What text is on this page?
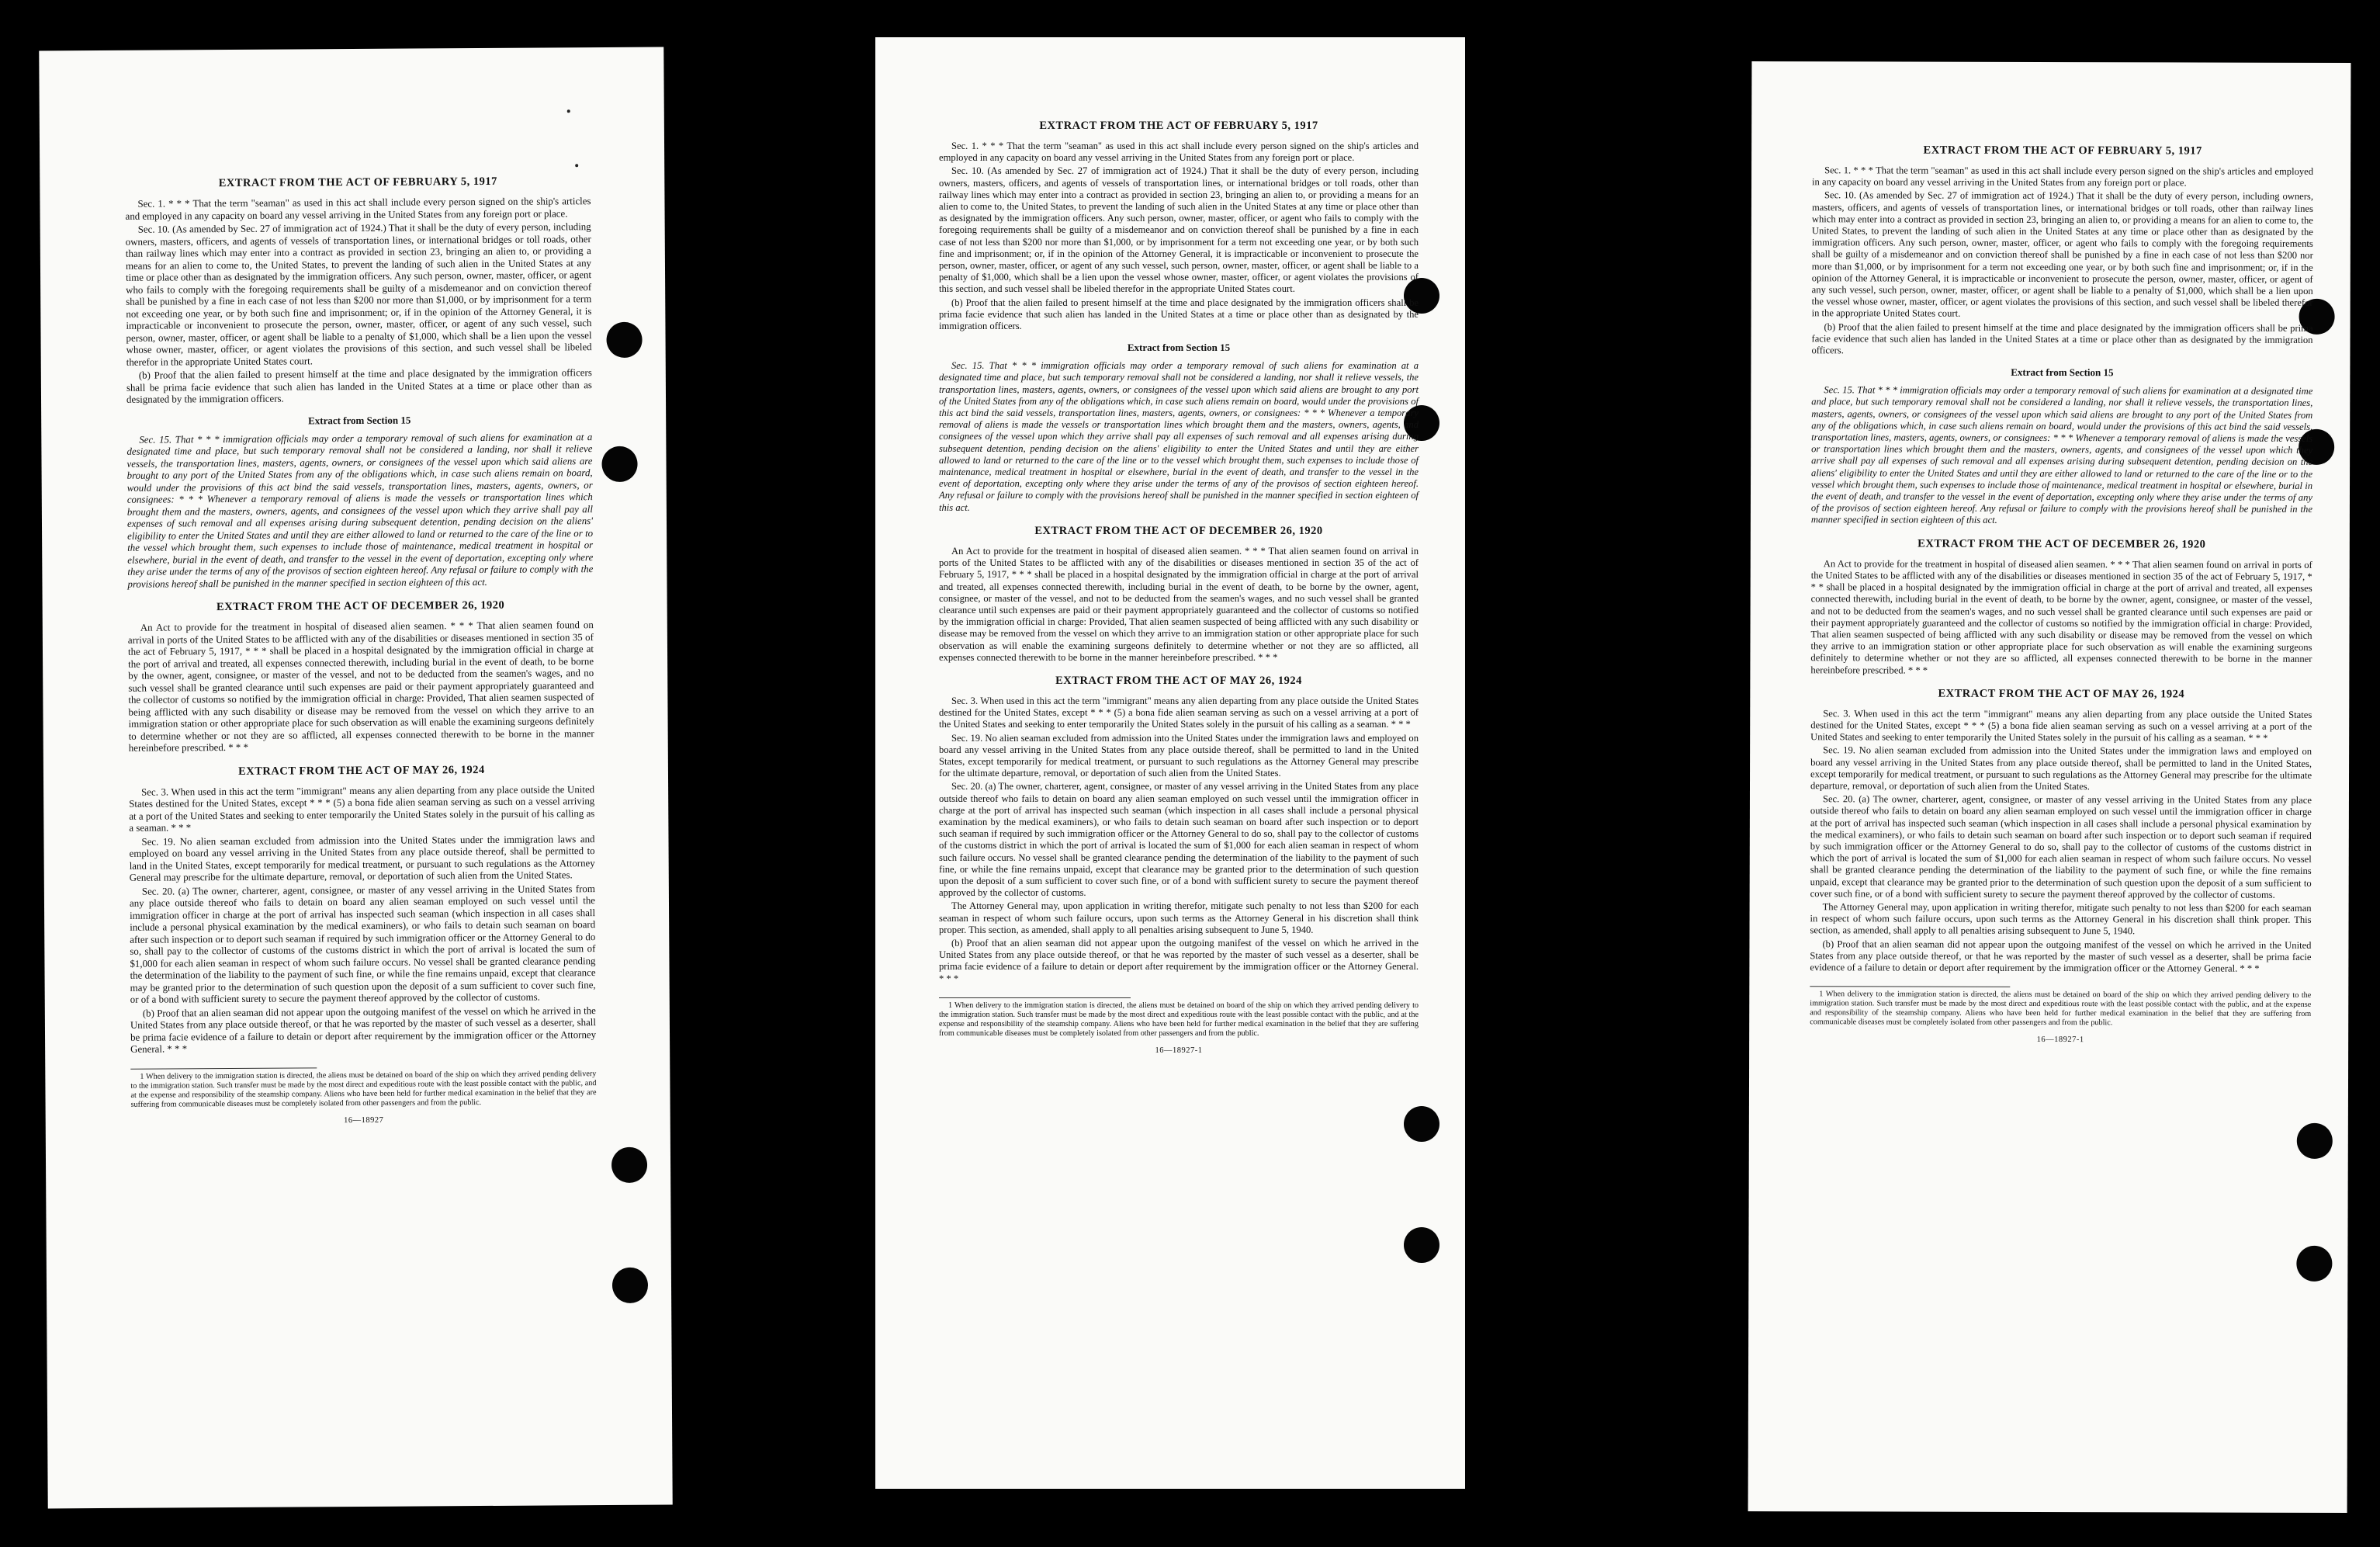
EXTRACT FROM THE ACT OF FEBRUARY 5, 1917

Sec. 1. * * * That the term "seaman" as used in this act shall include every person signed on the ship's articles and employed in any capacity on board any vessel arriving in the United States from any foreign port or place.

Sec. 10. (As amended by Sec. 27 of immigration act of 1924.) That it shall be the duty of every person, including owners, masters, officers, and agents of vessels of transportation lines, or international bridges or toll roads, other than railway lines which may enter into a contract as provided in section 23, bringing an alien to, or providing a means for an alien to come to, the United States, to prevent the landing of such alien in the United States at any time or place other than as designated by the immigration officers. Any such person, owner, master, officer, or agent who fails to comply with the foregoing requirements shall be guilty of a misdemeanor and on conviction thereof shall be punished by a fine in each case of not less than $200 nor more than $1,000, or by imprisonment for a term not exceeding one year, or by both such fine and imprisonment; or, if in the opinion of the Attorney General, it is impracticable or inconvenient to prosecute the person, owner, master, officer, or agent of any such vessel, such person, owner, master, officer, or agent shall be liable to a penalty of $1,000, which shall be a lien upon the vessel whose owner, master, officer, or agent violates the provisions of this section, and such vessel shall be libeled therefor in the appropriate United States court.

(b) Proof that the alien failed to present himself at the time and place designated by the immigration officers shall be prima facie evidence that such alien has landed in the United States at a time or place other than as designated by the immigration officers.

Extract from Section 15

Sec. 15. That * * * immigration officials may order a temporary removal of such aliens for examination at a designated time and place, but such temporary removal shall not be considered a landing, nor shall it relieve vessels, the transportation lines, masters, agents, owners, or consignees of the vessel upon which said aliens are brought to any port of the United States from any of the obligations which, in case such aliens remain on board, would under the provisions of this act bind the said vessels, transportation lines, masters, agents, owners, or consignees: * * * Whenever a temporary removal of aliens is made the vessels or transportation lines which brought them and the masters, owners, agents, and consignees of the vessel upon which they arrive shall pay all expenses of such removal and all expenses arising during subsequent detention, pending decision on the aliens' eligibility to enter the United States and until they are either allowed to land or returned to the care of the line or to the vessel which brought them, such expenses to include those of maintenance, medical treatment in hospital or elsewhere, burial in the event of death, and transfer to the vessel in the event of deportation, excepting only where they arise under the terms of any of the provisos of section eighteen hereof. Any refusal or failure to comply with the provisions hereof shall be punished in the manner specified in section eighteen of this act.

EXTRACT FROM THE ACT OF DECEMBER 26, 1920

An Act to provide for the treatment in hospital of diseased alien seamen. * * * That alien seamen found on arrival in ports of the United States to be afflicted with any of the disabilities or diseases mentioned in section 35 of the act of February 5, 1917, * * * shall be placed in a hospital designated by the immigration official in charge at the port of arrival and treated, all expenses connected therewith, including burial in the event of death, to be borne by the owner, agent, consignee, or master of the vessel, and not to be deducted from the seamen's wages, and no such vessel shall be granted clearance until such expenses are paid or their payment appropriately guaranteed and the collector of customs so notified by the immigration official in charge: Provided, That alien seamen suspected of being afflicted with any such disability or disease may be removed from the vessel on which they arrive to an immigration station or other appropriate place for such observation as will enable the examining surgeons definitely to determine whether or not they are so afflicted, all expenses connected therewith to be borne in the manner hereinbefore prescribed. * * *

EXTRACT FROM THE ACT OF MAY 26, 1924

Sec. 3. When used in this act the term "immigrant" means any alien departing from any place outside the United States destined for the United States, except * * * (5) a bona fide alien seaman serving as such on a vessel arriving at a port of the United States and seeking to enter temporarily the United States solely in the pursuit of his calling as a seaman. * * *

Sec. 19. No alien seaman excluded from admission into the United States under the immigration laws and employed on board any vessel arriving in the United States from any place outside thereof, shall be permitted to land in the United States, except temporarily for medical treatment, or pursuant to such regulations as the Attorney General may prescribe for the ultimate departure, removal, or deportation of such alien from the United States.

Sec. 20. (a) The owner, charterer, agent, consignee, or master of any vessel arriving in the United States from any place outside thereof who fails to detain on board any alien seaman employed on such vessel until the immigration officer in charge at the port of arrival has inspected such seaman (which inspection in all cases shall include a personal physical examination by the medical examiners), or who fails to detain such seaman on board after such inspection or to deport such seaman if required by such immigration officer or the Attorney General to do so, shall pay to the collector of customs of the customs district in which the port of arrival is located the sum of $1,000 for each alien seaman in respect of whom such failure occurs. No vessel shall be granted clearance pending the determination of the liability to the payment of such fine, or while the fine remains unpaid, except that clearance may be granted prior to the determination of such question upon the deposit of a sum sufficient to cover such fine, or of a bond with sufficient surety to secure the payment thereof approved by the collector of customs.

(b) Proof that an alien seaman did not appear upon the outgoing manifest of the vessel on which he arrived in the United States from any place outside thereof, or that he was reported by the master of such vessel as a deserter, shall be prima facie evidence of a failure to detain or deport after requirement by the immigration officer or the Attorney General. * * *

1 When delivery to the immigration station is directed, the aliens must be detained on board of the ship on which they arrived pending delivery to the immigration station. Such transfer must be made by the most direct and expeditious route with the least possible contact with the public, and at the expense and responsibility of the steamship company. Aliens who have been held for further medical examination in the belief that they are suffering from communicable diseases must be completely isolated from other passengers and from the public.

16—18927
EXTRACT FROM THE ACT OF FEBRUARY 5, 1917

Sec. 1. * * * That the term "seaman" as used in this act shall include every person signed on the ship's articles and employed in any capacity on board any vessel arriving in the United States from any foreign port or place.

Sec. 10. (As amended by Sec. 27 of immigration act of 1924.) That it shall be the duty of every person, including owners, masters, officers, and agents of vessels of transportation lines, or international bridges or toll roads, other than railway lines which may enter into a contract as provided in section 23, bringing an alien to, or providing a means for an alien to come to, the United States, to prevent the landing of such alien in the United States at any time or place other than as designated by the immigration officers. Any such person, owner, master, officer, or agent who fails to comply with the foregoing requirements shall be guilty of a misdemeanor and on conviction thereof shall be punished by a fine in each case of not less than $200 nor more than $1,000, or by imprisonment for a term not exceeding one year, or by both such fine and imprisonment; or, if in the opinion of the Attorney General, it is impracticable or inconvenient to prosecute the person, owner, master, officer, or agent of any such vessel, such person, owner, master, officer, or agent shall be liable to a penalty of $1,000, which shall be a lien upon the vessel whose owner, master, officer, or agent violates the provisions of this section, and such vessel shall be libeled therefor in the appropriate United States court.

(b) Proof that the alien failed to present himself at the time and place designated by the immigration officers shall be prima facie evidence that such alien has landed in the United States at a time or place other than as designated by the immigration officers.

Extract from Section 15

Sec. 15. That * * * immigration officials may order a temporary removal of such aliens for examination at a designated time and place, but such temporary removal shall not be considered a landing, nor shall it relieve vessels, the transportation lines, masters, agents, owners, or consignees of the vessel upon which said aliens are brought to any port of the United States from any of the obligations which, in case such aliens remain on board, would under the provisions of this act bind the said vessels, transportation lines, masters, agents, owners, or consignees: * * * Whenever a temporary removal of aliens is made the vessels or transportation lines which brought them and the masters, owners, agents, and consignees of the vessel upon which they arrive shall pay all expenses of such removal and all expenses arising during subsequent detention, pending decision on the aliens' eligibility to enter the United States and until they are either allowed to land or returned to the care of the line or to the vessel which brought them, such expenses to include those of maintenance, medical treatment in hospital or elsewhere, burial in the event of death, and transfer to the vessel in the event of deportation, excepting only where they arise under the terms of any of the provisos of section eighteen hereof. Any refusal or failure to comply with the provisions hereof shall be punished in the manner specified in section eighteen of this act.

EXTRACT FROM THE ACT OF DECEMBER 26, 1920

An Act to provide for the treatment in hospital of diseased alien seamen. * * * That alien seamen found on arrival in ports of the United States to be afflicted with any of the disabilities or diseases mentioned in section 35 of the act of February 5, 1917, * * * shall be placed in a hospital designated by the immigration official in charge at the port of arrival and treated, all expenses connected therewith, including burial in the event of death, to be borne by the owner, agent, consignee, or master of the vessel, and not to be deducted from the seamen's wages, and no such vessel shall be granted clearance until such expenses are paid or their payment appropriately guaranteed and the collector of customs so notified by the immigration official in charge: Provided, That alien seamen suspected of being afflicted with any such disability or disease may be removed from the vessel on which they arrive to an immigration station or other appropriate place for such observation as will enable the examining surgeons definitely to determine whether or not they are so afflicted, all expenses connected therewith to be borne in the manner hereinbefore prescribed. * * *

EXTRACT FROM THE ACT OF MAY 26, 1924

Sec. 3. When used in this act the term "immigrant" means any alien departing from any place outside the United States destined for the United States, except * * * (5) a bona fide alien seaman serving as such on a vessel arriving at a port of the United States and seeking to enter temporarily the United States solely in the pursuit of his calling as a seaman. * * *

Sec. 19. No alien seaman excluded from admission into the United States under the immigration laws and employed on board any vessel arriving in the United States from any place outside thereof, shall be permitted to land in the United States, except temporarily for medical treatment, or pursuant to such regulations as the Attorney General may prescribe for the ultimate departure, removal, or deportation of such alien from the United States.

Sec. 20. (a) The owner, charterer, agent, consignee, or master of any vessel arriving in the United States from any place outside thereof who fails to detain on board any alien seaman employed on such vessel until the immigration officer in charge at the port of arrival has inspected such seaman (which inspection in all cases shall include a personal physical examination by the medical examiners), or who fails to detain such seaman on board after such inspection or to deport such seaman if required by such immigration officer or the Attorney General to do so, shall pay to the collector of customs of the customs district in which the port of arrival is located the sum of $1,000 for each alien seaman in respect of whom such failure occurs. No vessel shall be granted clearance pending the determination of the liability to the payment of such fine, or while the fine remains unpaid, except that clearance may be granted prior to the determination of such question upon the deposit of a sum sufficient to cover such fine, or of a bond with sufficient surety to secure the payment thereof approved by the collector of customs.

The Attorney General may, upon application in writing therefor, mitigate such penalty to not less than $200 for each seaman in respect of whom such failure occurs, upon such terms as the Attorney General in his discretion shall think proper. This section, as amended, shall apply to all penalties arising subsequent to June 5, 1940.

(b) Proof that an alien seaman did not appear upon the outgoing manifest of the vessel on which he arrived in the United States from any place outside thereof, or that he was reported by the master of such vessel as a deserter, shall be prima facie evidence of a failure to detain or deport after requirement by the immigration officer or the Attorney General. * * *

1 When delivery to the immigration station is directed, the aliens must be detained on board of the ship on which they arrived pending delivery to the immigration station. Such transfer must be made by the most direct and expeditious route with the least possible contact with the public, and at the expense and responsibility of the steamship company. Aliens who have been held for further medical examination in the belief that they are suffering from communicable diseases must be completely isolated from other passengers and from the public.

16—18927-1
EXTRACT FROM THE ACT OF FEBRUARY 5, 1917

Sec. 1. * * * That the term "seaman" as used in this act shall include every person signed on the ship's articles and employed in any capacity on board any vessel arriving in the United States from any foreign port or place.

Sec. 10. (As amended by Sec. 27 of immigration act of 1924.) That it shall be the duty of every person, including owners, masters, officers, and agents of vessels of transportation lines, or international bridges or toll roads, other than railway lines which may enter into a contract as provided in section 23, bringing an alien to, or providing a means for an alien to come to, the United States, to prevent the landing of such alien in the United States at any time or place other than as designated by the immigration officers. Any such person, owner, master, officer, or agent who fails to comply with the foregoing requirements shall be guilty of a misdemeanor and on conviction thereof shall be punished by a fine in each case of not less than $200 nor more than $1,000, or by imprisonment for a term not exceeding one year, or by both such fine and imprisonment; or, if in the opinion of the Attorney General, it is impracticable or inconvenient to prosecute the person, owner, master, officer, or agent of any such vessel, such person, owner, master, officer, or agent shall be liable to a penalty of $1,000, which shall be a lien upon the vessel whose owner, master, officer, or agent violates the provisions of this section, and such vessel shall be libeled therefor in the appropriate United States court.

(b) Proof that the alien failed to present himself at the time and place designated by the immigration officers shall be prima facie evidence that such alien has landed in the United States at a time or place other than as designated by the immigration officers.

Extract from Section 15

Sec. 15. That * * * immigration officials may order a temporary removal of such aliens for examination at a designated time and place, but such temporary removal shall not be considered a landing, nor shall it relieve vessels, the transportation lines, masters, agents, owners, or consignees of the vessel upon which said aliens are brought to any port of the United States from any of the obligations which, in case such aliens remain on board, would under the provisions of this act bind the said vessels, transportation lines, masters, agents, owners, or consignees: * * * Whenever a temporary removal of aliens is made the vessels or transportation lines which brought them and the masters, owners, agents, and consignees of the vessel upon which they arrive shall pay all expenses of such removal and all expenses arising during subsequent detention, pending decision on the aliens' eligibility to enter the United States and until they are either allowed to land or returned to the care of the line or to the vessel which brought them, such expenses to include those of maintenance, medical treatment in hospital or elsewhere, burial in the event of death, and transfer to the vessel in the event of deportation, excepting only where they arise under the terms of any of the provisos of section eighteen hereof. Any refusal or failure to comply with the provisions hereof shall be punished in the manner specified in section eighteen of this act.

EXTRACT FROM THE ACT OF DECEMBER 26, 1920

An Act to provide for the treatment in hospital of diseased alien seamen. * * * That alien seamen found on arrival in ports of the United States to be afflicted with any of the disabilities or diseases mentioned in section 35 of the act of February 5, 1917, * * * shall be placed in a hospital designated by the immigration official in charge at the port of arrival and treated, all expenses connected therewith, including burial in the event of death, to be borne by the owner, agent, consignee, or master of the vessel, and not to be deducted from the seamen's wages, and no such vessel shall be granted clearance until such expenses are paid or their payment appropriately guaranteed and the collector of customs so notified by the immigration official in charge: Provided, That alien seamen suspected of being afflicted with any such disability or disease may be removed from the vessel on which they arrive to an immigration station or other appropriate place for such observation as will enable the examining surgeons definitely to determine whether or not they are so afflicted, all expenses connected therewith to be borne in the manner hereinbefore prescribed. * * *

EXTRACT FROM THE ACT OF MAY 26, 1924

Sec. 3. When used in this act the term "immigrant" means any alien departing from any place outside the United States destined for the United States, except * * * (5) a bona fide alien seaman serving as such on a vessel arriving at a port of the United States and seeking to enter temporarily the United States solely in the pursuit of his calling as a seaman. * * *

Sec. 19. No alien seaman excluded from admission into the United States under the immigration laws and employed on board any vessel arriving in the United States from any place outside thereof, shall be permitted to land in the United States, except temporarily for medical treatment, or pursuant to such regulations as the Attorney General may prescribe for the ultimate departure, removal, or deportation of such alien from the United States.

Sec. 20. (a) The owner, charterer, agent, consignee, or master of any vessel arriving in the United States from any place outside thereof who fails to detain on board any alien seaman employed on such vessel until the immigration officer in charge at the port of arrival has inspected such seaman (which inspection in all cases shall include a personal physical examination by the medical examiners), or who fails to detain such seaman on board after such inspection or to deport such seaman if required by such immigration officer or the Attorney General to do so, shall pay to the collector of customs of the customs district in which the port of arrival is located the sum of $1,000 for each alien seaman in respect of whom such failure occurs. No vessel shall be granted clearance pending the determination of the liability to the payment of such fine, or while the fine remains unpaid, except that clearance may be granted prior to the determination of such question upon the deposit of a sum sufficient to cover such fine, or of a bond with sufficient surety to secure the payment thereof approved by the collector of customs.

The Attorney General may, upon application in writing therefor, mitigate such penalty to not less than $200 for each seaman in respect of whom such failure occurs, upon such terms as the Attorney General in his discretion shall think proper. This section, as amended, shall apply to all penalties arising subsequent to June 5, 1940.

(b) Proof that an alien seaman did not appear upon the outgoing manifest of the vessel on which he arrived in the United States from any place outside thereof, or that he was reported by the master of such vessel as a deserter, shall be prima facie evidence of a failure to detain or deport after requirement by the immigration officer or the Attorney General. * * *

1 When delivery to the immigration station is directed, the aliens must be detained on board of the ship on which they arrived pending delivery to the immigration station. Such transfer must be made by the most direct and expeditious route with the least possible contact with the public, and at the expense and responsibility of the steamship company. Aliens who have been held for further medical examination in the belief that they are suffering from communicable diseases must be completely isolated from other passengers and from the public.

16—18927-1
